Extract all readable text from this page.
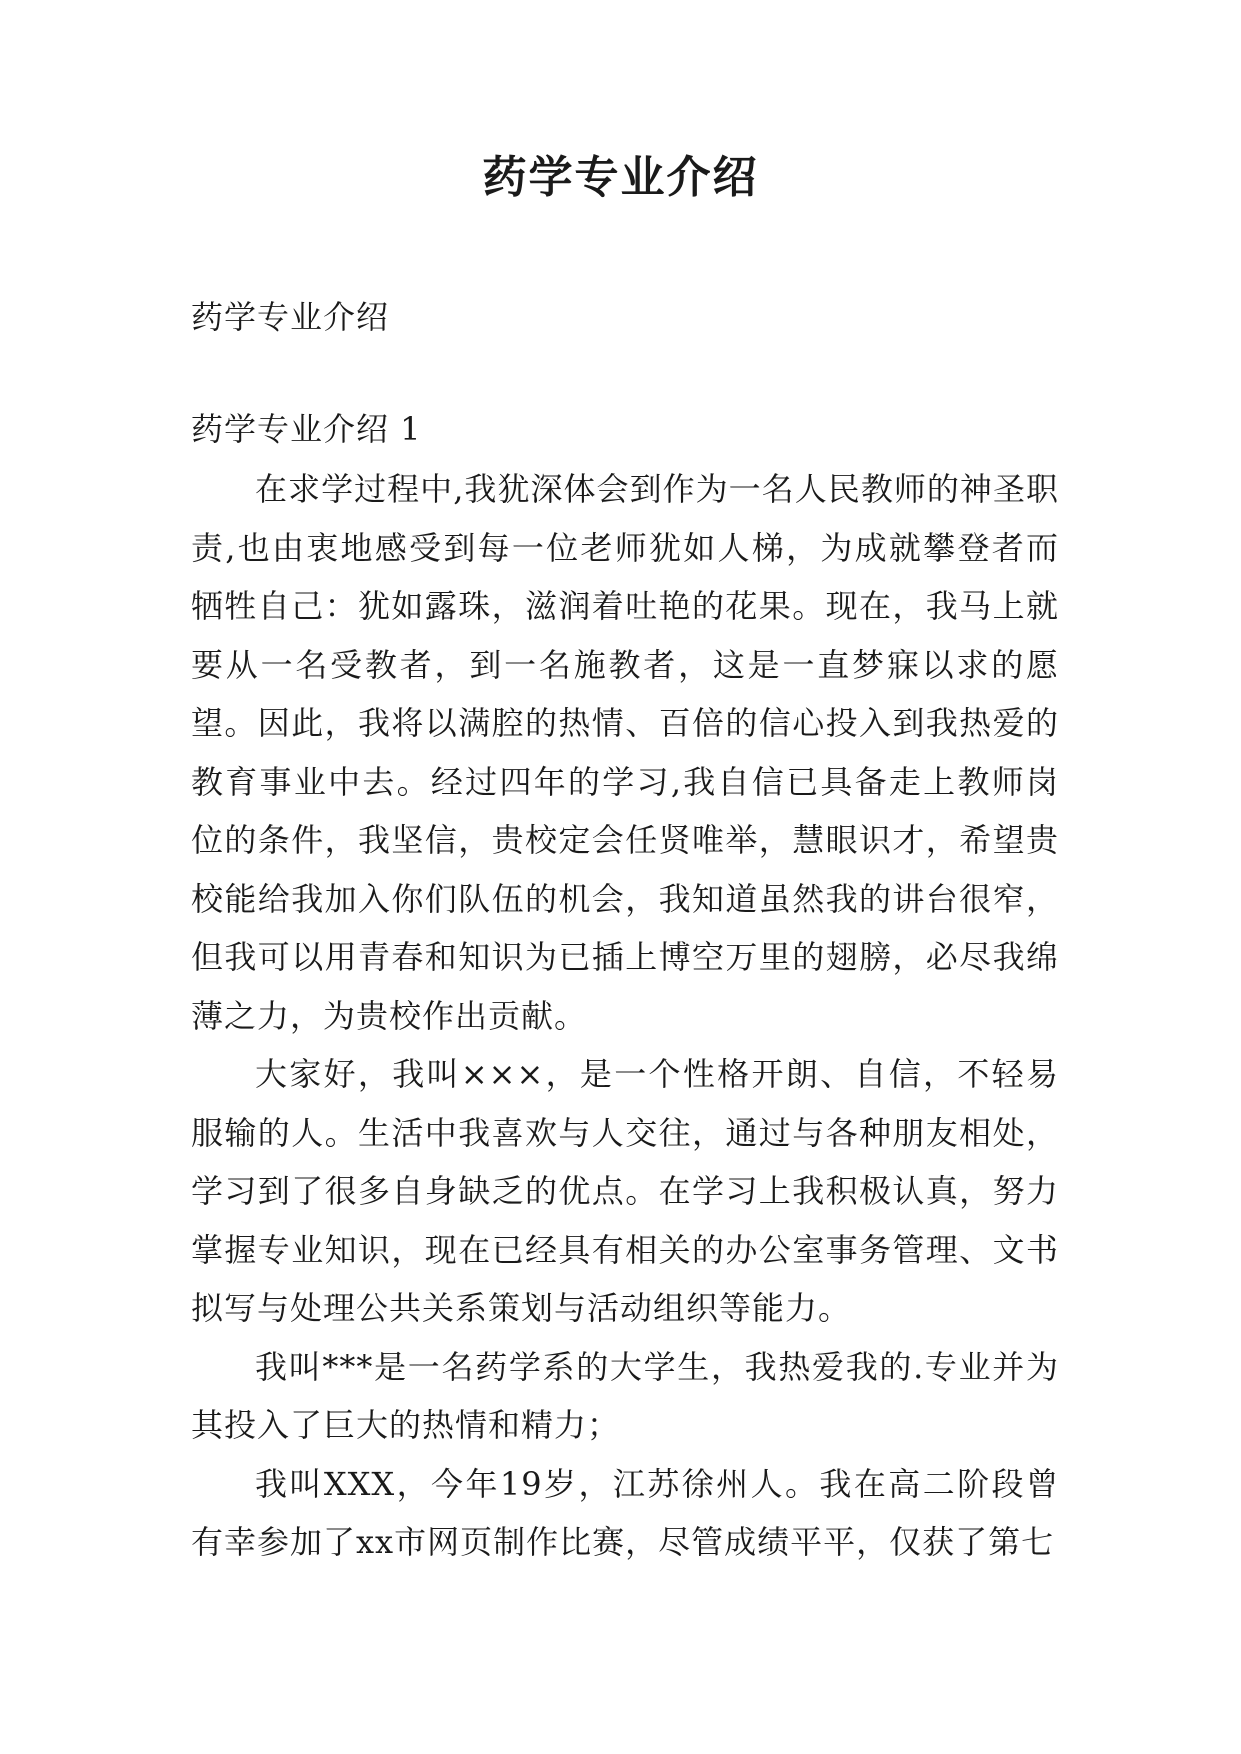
药学专业介绍
药学专业介绍
药学专业介绍 1

在求学过程中,我犹深体会到作为一名人民教师的神圣职责,也由衷地感受到每一位老师犹如人梯，为成就攀登者而牺牲自己：犹如露珠，滋润着吐艳的花果。现在，我马上就要从一名受教者，到一名施教者，这是一直梦寐以求的愿望。因此，我将以满腔的热情、百倍的信心投入到我热爱的教育事业中去。经过四年的学习,我自信已具备走上教师岗位的条件，我坚信，贵校定会任贤唯举，慧眼识才，希望贵校能给我加入你们队伍的机会，我知道虽然我的讲台很窄，但我可以用青春和知识为已插上博空万里的翅膀，必尽我绵薄之力，为贵校作出贡献。

大家好，我叫×××，是一个性格开朗、自信，不轻易服输的人。生活中我喜欢与人交往，通过与各种朋友相处，学习到了很多自身缺乏的优点。在学习上我积极认真，努力掌握专业知识，现在已经具有相关的办公室事务管理、文书拟写与处理公共关系策划与活动组织等能力。

我叫***是一名药学系的大学生，我热爱我的.专业并为其投入了巨大的热情和精力；

我叫XXX，今年19岁，江苏徐州人。我在高二阶段曾有幸参加了xx市网页制作比赛，尽管成绩平平，仅获了第七
